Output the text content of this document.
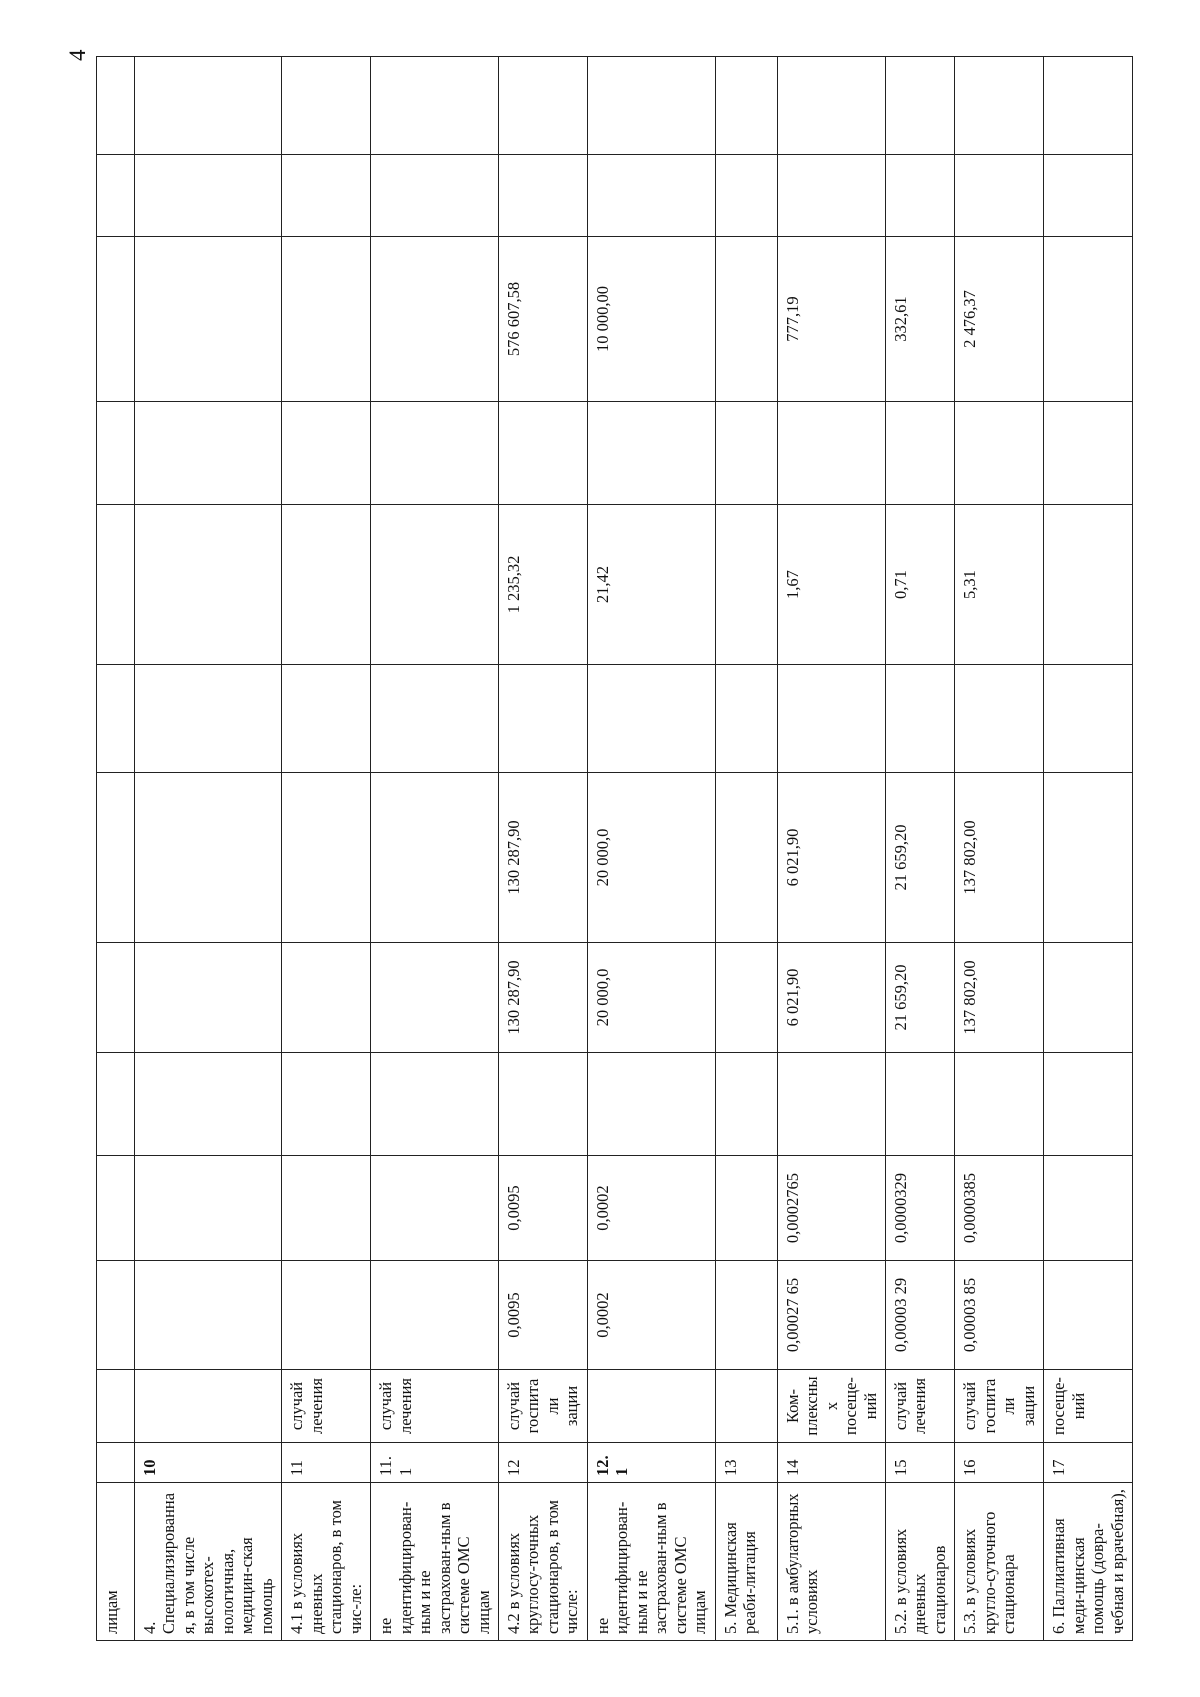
4
лицам													
4. Специализированная, в том числе высокотех-нологичная, медицин-ская помощь	10												
4.1 в условиях дневных стационаров, в том чис-ле:	11	случай лечения											
не идентифицирован-ным и не застрахован-ным в системе ОМС лицам	11.1	случай лечения											
4.2 в условиях круглосу-точных стационаров, в том числе:	12	случай госпитали зации	0,0095	0,0095		130 287,90	130 287,90		1 235,32		576 607,58		
не идентифицирован-ным и не застрахован-ным в системе ОМС лицам	12.1		0,0002	0,0002		20 000,0	20 000,0		21,42		10 000,00		
5. Медицинская реаби-литация	13												
5.1. в амбулаторных условиях	14	Ком-плексных посеще-ний	0,00027 65	0,0002765		6 021,90	6 021,90		1,67		777,19		
5.2. в условиях дневных стационаров	15	случай лечения	0,00003 29	0,0000329		21 659,20	21 659,20		0,71		332,61		
5.3. в условиях кругло-суточного стационара	16	случай госпитали зации	0,00003 85	0,0000385		137 802,00	137 802,00		5,31		2 476,37		
6. Паллиативная меди-цинская помощь (довра-чебная и врачебная),	17	посеще-ний											
